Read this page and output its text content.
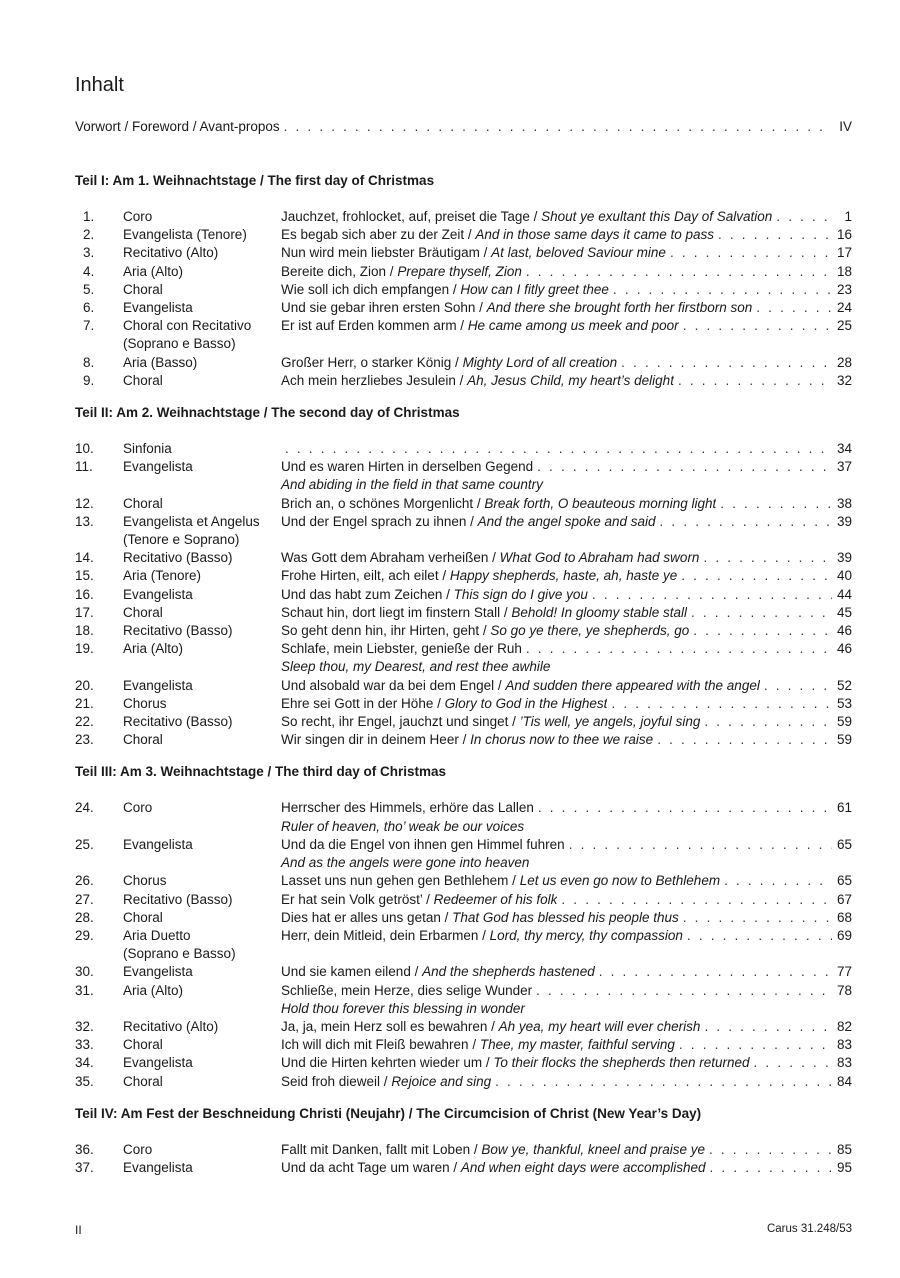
Inhalt
Vorwort / Foreword / Avant-propos . . .	IV
Teil I: Am 1. Weihnachtstage / The first day of Christmas
1.	Coro	Jauchzet, frohlocket, auf, preiset die Tage / Shout ye exultant this Day of Salvation . . .	1
2.	Evangelista (Tenore)	Es begab sich aber zu der Zeit / And in those same days it came to pass . . .	16
3.	Recitativo (Alto)	Nun wird mein liebster Bräutigam / At last, beloved Saviour mine . . .	17
4.	Aria (Alto)	Bereite dich, Zion / Prepare thyself, Zion . . .	18
5.	Choral	Wie soll ich dich empfangen / How can I fitly greet thee . . .	23
6.	Evangelista	Und sie gebar ihren ersten Sohn / And there she brought forth her firstborn son . . .	24
7.	Choral con Recitativo	Er ist auf Erden kommen arm / He came among us meek and poor . . .	25
(Soprano e Basso)
8.	Aria (Basso)	Großer Herr, o starker König / Mighty Lord of all creation . . .	28
9.	Choral	Ach mein herzliebes Jesulein / Ah, Jesus Child, my heart’s delight . . .	32
Teil II: Am 2. Weihnachtstage / The second day of Christmas
10.	Sinfonia . . .	34
11.	Evangelista	Und es waren Hirten in derselben Gegend . . .	37
And abiding in the field in that same country
12.	Choral	Brich an, o schönes Morgenlicht / Break forth, O beauteous morning light . . .	38
13.	Evangelista et Angelus	Und der Engel sprach zu ihnen / And the angel spoke and said . . .	39
(Tenore e Soprano)
14.	Recitativo (Basso)	Was Gott dem Abraham verheißen / What God to Abraham had sworn . . .	39
15.	Aria (Tenore)	Frohe Hirten, eilt, ach eilet / Happy shepherds, haste, ah, haste ye . . .	40
16.	Evangelista	Und das habt zum Zeichen / This sign do I give you . . .	44
17.	Choral	Schaut hin, dort liegt im finstern Stall / Behold! In gloomy stable stall . . .	45
18.	Recitativo (Basso)	So geht denn hin, ihr Hirten, geht / So go ye there, ye shepherds, go . . .	46
19.	Aria (Alto)	Schlafe, mein Liebster, genieße der Ruh . . .	46
Sleep thou, my Dearest, and rest thee awhile
20.	Evangelista	Und alsobald war da bei dem Engel / And sudden there appeared with the angel . . .	52
21.	Chorus	Ehre sei Gott in der Höhe / Glory to God in the Highest . . .	53
22.	Recitativo (Basso)	So recht, ihr Engel, jauchzt und singet / ’Tis well, ye angels, joyful sing . . .	59
23.	Choral	Wir singen dir in deinem Heer / In chorus now to thee we raise . . .	59
Teil III: Am 3. Weihnachtstage / The third day of Christmas
24.	Coro	Herrscher des Himmels, erhöre das Lallen . . .	61
Ruler of heaven, tho’ weak be our voices
25.	Evangelista	Und da die Engel von ihnen gen Himmel fuhren . . .	65
And as the angels were gone into heaven
26.	Chorus	Lasset uns nun gehen gen Bethlehem / Let us even go now to Bethlehem . . .	65
27.	Recitativo (Basso)	Er hat sein Volk getröst’ / Redeemer of his folk . . .	67
28.	Choral	Dies hat er alles uns getan / That God has blessed his people thus . . .	68
29.	Aria Duetto	Herr, dein Mitleid, dein Erbarmen / Lord, thy mercy, thy compassion . . .	69
(Soprano e Basso)
30.	Evangelista	Und sie kamen eilend / And the shepherds hastened . . .	77
31.	Aria (Alto)	Schließe, mein Herze, dies selige Wunder . . .	78
Hold thou forever this blessing in wonder
32.	Recitativo (Alto)	Ja, ja, mein Herz soll es bewahren / Ah yea, my heart will ever cherish . . .	82
33.	Choral	Ich will dich mit Fleiß bewahren / Thee, my master, faithful serving . . .	83
34.	Evangelista	Und die Hirten kehrten wieder um / To their flocks the shepherds then returned . . .	83
35.	Choral	Seid froh dieweil / Rejoice and sing . . .	84
Teil IV: Am Fest der Beschneidung Christi (Neujahr) / The Circumcision of Christ (New Year’s Day)
36.	Coro	Fallt mit Danken, fallt mit Loben / Bow ye, thankful, kneel and praise ye . . .	85
37.	Evangelista	Und da acht Tage um waren / And when eight days were accomplished . . .	95
II	Carus 31.248/53
